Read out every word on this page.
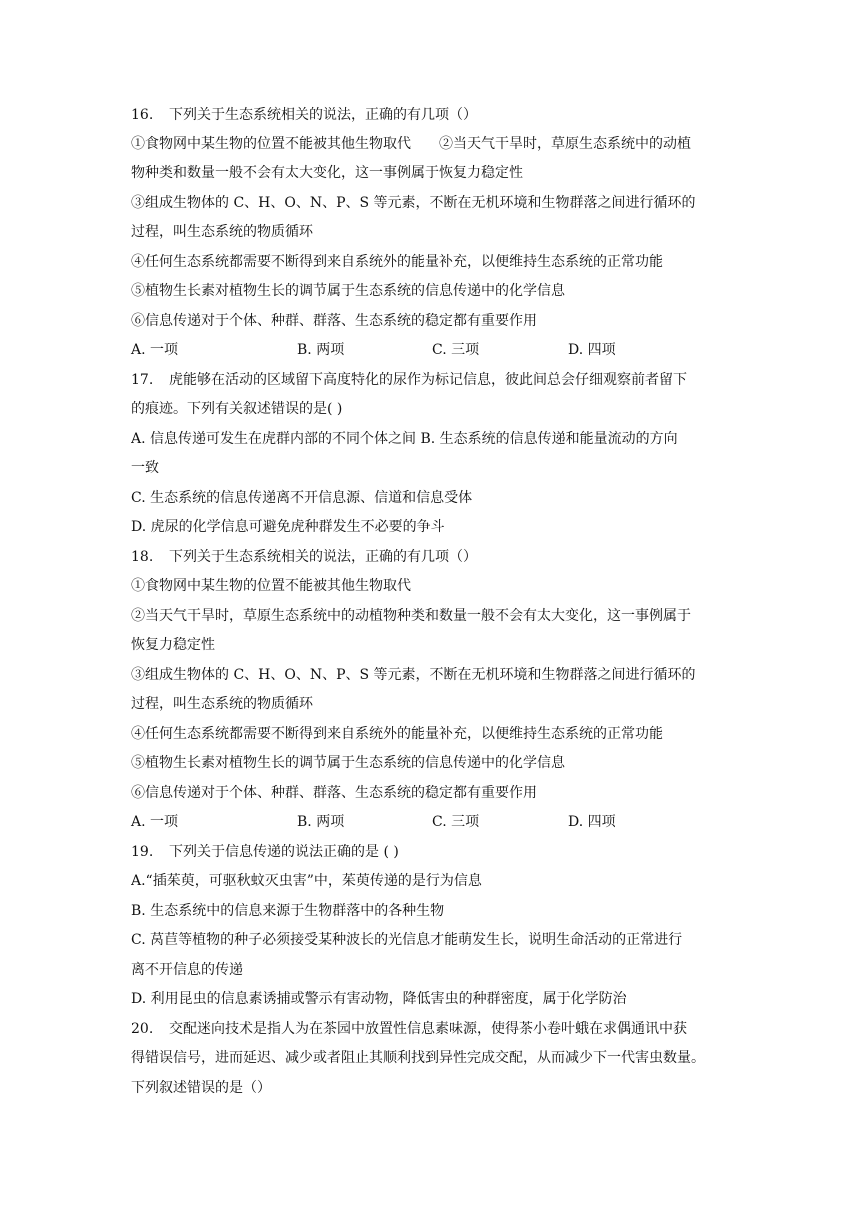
16. 下列关于生态系统相关的说法，正确的有几项（）
①食物网中某生物的位置不能被其他生物取代　　②当天气干旱时，草原生态系统中的动植
物种类和数量一般不会有太大变化，这一事例属于恢复力稳定性
③组成生物体的 C、H、O、N、P、S 等元素，不断在无机环境和生物群落之间进行循环的
过程，叫生态系统的物质循环
④任何生态系统都需要不断得到来自系统外的能量补充，以便维持生态系统的正常功能
⑤植物生长素对植物生长的调节属于生态系统的信息传递中的化学信息
⑥信息传递对于个体、种群、群落、生态系统的稳定都有重要作用
A. 一项	B. 两项	C. 三项	D. 四项
17. 虎能够在活动的区域留下高度特化的尿作为标记信息，彼此间总会仔细观察前者留下
的痕迹。下列有关叙述错误的是( )
A. 信息传递可发生在虎群内部的不同个体之间 B. 生态系统的信息传递和能量流动的方向
一致
C. 生态系统的信息传递离不开信息源、信道和信息受体
D. 虎尿的化学信息可避免虎种群发生不必要的争斗
18. 下列关于生态系统相关的说法，正确的有几项（）
①食物网中某生物的位置不能被其他生物取代
②当天气干旱时，草原生态系统中的动植物种类和数量一般不会有太大变化，这一事例属于
恢复力稳定性
③组成生物体的 C、H、O、N、P、S 等元素，不断在无机环境和生物群落之间进行循环的
过程，叫生态系统的物质循环
④任何生态系统都需要不断得到来自系统外的能量补充，以便维持生态系统的正常功能
⑤植物生长素对植物生长的调节属于生态系统的信息传递中的化学信息
⑥信息传递对于个体、种群、群落、生态系统的稳定都有重要作用
A. 一项	B. 两项	C. 三项	D. 四项
19. 下列关于信息传递的说法正确的是 ( )
A.“插茱萸，可驱秋蚊灭虫害”中，茱萸传递的是行为信息
B. 生态系统中的信息来源于生物群落中的各种生物
C. 莴苣等植物的种子必须接受某种波长的光信息才能萌发生长，说明生命活动的正常进行
离不开信息的传递
D. 利用昆虫的信息素诱捕或警示有害动物，降低害虫的种群密度，属于化学防治
20. 交配迷向技术是指人为在茶园中放置性信息素味源，使得茶小卷叶蛾在求偶通讯中获
得错误信号，进而延迟、减少或者阻止其顺利找到异性完成交配，从而减少下一代害虫数量。
下列叙述错误的是（）
